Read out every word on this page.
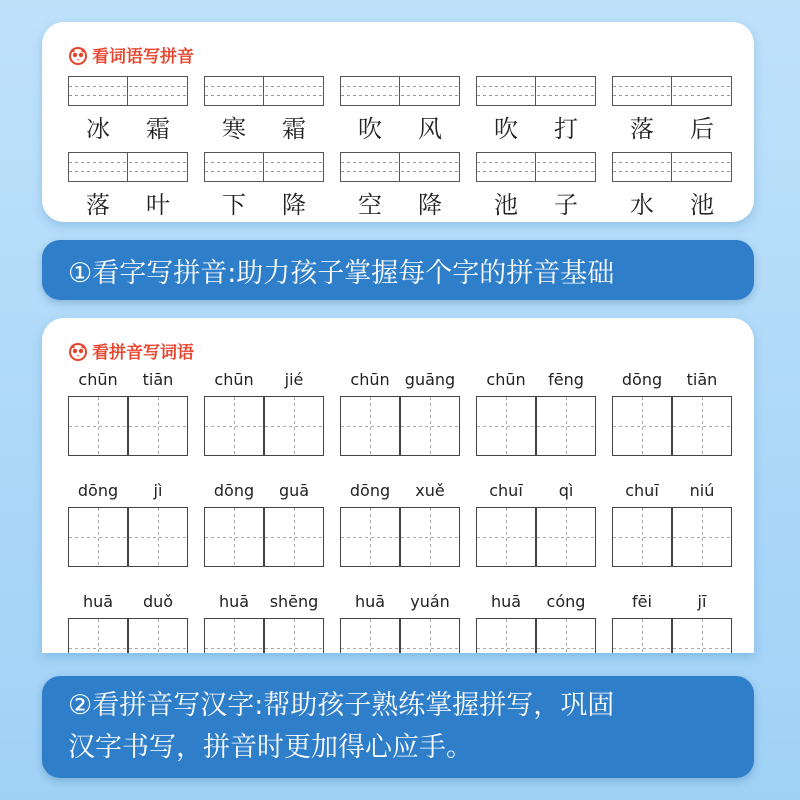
看词语写拼音
冰	霜	寒	霜	吹	风	吹	打	落	后
落	叶	下	降	空	降	池	子	水	池
①看字写拼音:助力孩子掌握每个字的拼音基础
看拼音写词语
chūn	tiān	chūn	jié	chūn guāng	chūn	fēng	dōng	tiān
dōng	jì	dōng	guā	dōng	xuě	chuī	qì	chuī	niú
huā	duǒ	huā	shēng	huā	yuán	huā	cóng	fēi	jī
②看拼音写汉字:帮助孩子熟练掌握拼写，巩固
汉字书写，拼音时更加得心应手。
